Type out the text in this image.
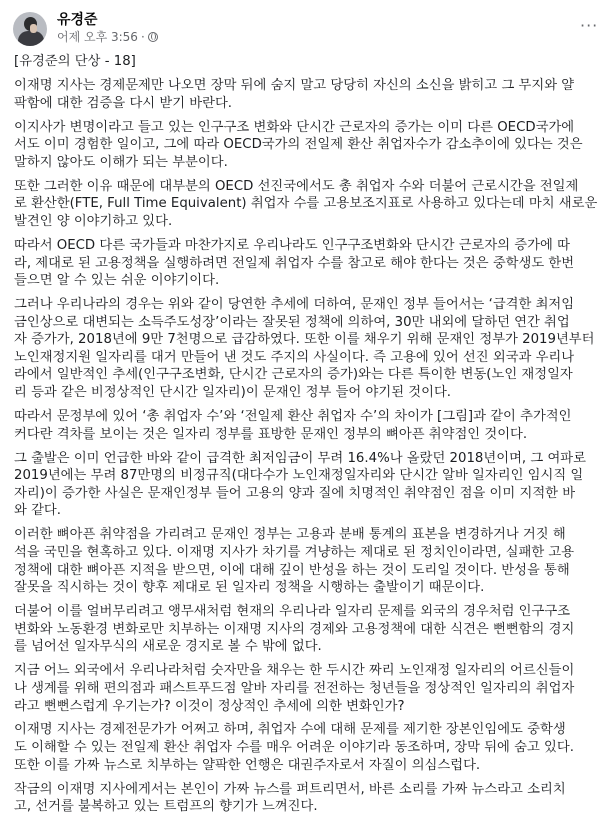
유경준
어제 오후 3:56 ·
···
[유경준의 단상 - 18]
이재명 지사는 경제문제만 나오면 장막 뒤에 숨지 말고 당당히 자신의 소신을 밝히고 그 무지와 얄
팍함에 대한 검증을 다시 받기 바란다.
이지사가 변명이라고 들고 있는 인구구조 변화와 단시간 근로자의 증가는 이미 다른 OECD국가에
서도 이미 경험한 일이고, 그에 따라 OECD국가의 전일제 환산 취업자수가 감소추이에 있다는 것은
말하지 않아도 이해가 되는 부분이다.
또한 그러한 이유 때문에 대부분의 OECD 선진국에서도 총 취업자 수와 더불어 근로시간을 전일제
로 환산한(FTE, Full Time Equivalent) 취업자 수를 고용보조지표로 사용하고 있다는데 마치 새로운
발견인 양 이야기하고 있다.
따라서 OECD 다른 국가들과 마찬가지로 우리나라도 인구구조변화와 단시간 근로자의 증가에 따
라, 제대로 된 고용정책을 실행하려면 전일제 취업자 수를 참고로 해야 한다는 것은 중학생도 한번
들으면 알 수 있는 쉬운 이야기이다.
그러나 우리나라의 경우는 위와 같이 당연한 추세에 더하여, 문재인 정부 들어서는 ‘급격한 최저임
금인상으로 대변되는 소득주도성장’이라는 잘못된 정책에 의하여, 30만 내외에 달하던 연간 취업
자 증가가, 2018년에 9만 7천명으로 급감하였다. 또한 이를 채우기 위해 문재인 정부가 2019년부터
노인재정지원 일자리를 대거 만들어 낸 것도 주지의 사실이다. 즉 고용에 있어 선진 외국과 우리나
라에서 일반적인 추세(인구구조변화, 단시간 근로자의 증가)와는 다른 특이한 변동(노인 재정일자
리 등과 같은 비정상적인 단시간 일자리)이 문재인 정부 들어 야기된 것이다.
따라서 문정부에 있어 ‘총 취업자 수’와 ‘전일제 환산 취업자 수’의 차이가 [그림]과 같이 추가적인
커다란 격차를 보이는 것은 일자리 정부를 표방한 문재인 정부의 뼈아픈 취약점인 것이다.
그 출발은 이미 언급한 바와 같이 급격한 최저임금이 무려 16.4%나 올랐던 2018년이며, 그 여파로
2019년에는 무려 87만명의 비정규직(대다수가 노인재정일자리와 단시간 알바 일자리인 임시직 일
자리)이 증가한 사실은 문재인정부 들어 고용의 양과 질에 치명적인 취약점인 점을 이미 지적한 바
와 같다.
이러한 뼈아픈 취약점을 가리려고 문재인 정부는 고용과 분배 통계의 표본을 변경하거나 거짓 해
석을 국민을 현혹하고 있다. 이재명 지사가 차기를 겨냥하는 제대로 된 정치인이라면, 실패한 고용
정책에 대한 뼈아픈 지적을 받으면, 이에 대해 깊이 반성을 하는 것이 도리일 것이다. 반성을 통해
잘못을 직시하는 것이 향후 제대로 된 일자리 정책을 시행하는 출발이기 때문이다.
더불어 이를 얼버무리려고 앵무새처럼 현재의 우리나라 일자리 문제를 외국의 경우처럼 인구구조
변화와 노동환경 변화로만 치부하는 이재명 지사의 경제와 고용정책에 대한 식견은 뻔뻔함의 경지
를 넘어선 일자무식의 새로운 경지로 볼 수 밖에 없다.
지금 어느 외국에서 우리나라처럼 숫자만을 채우는 한 두시간 짜리 노인재정 일자리의 어르신들이
나 생계를 위해 편의점과 패스트푸드점 알바 자리를 전전하는 청년들을 정상적인 일자리의 취업자
라고 뻔뻔스럽게 우기는가? 이것이 정상적인 추세에 의한 변화인가?
이재명 지사는 경제전문가가 어쩌고 하며, 취업자 수에 대해 문제를 제기한 장본인임에도 중학생
도 이해할 수 있는 전일제 환산 취업자 수를 매우 어려운 이야기라 동조하며, 장막 뒤에 숨고 있다.
또한 이를 가짜 뉴스로 치부하는 얄팍한 언행은 대권주자로서 자질이 의심스럽다.
작금의 이재명 지사에게서는 본인이 가짜 뉴스를 퍼트리면서, 바른 소리를 가짜 뉴스라고 소리치
고, 선거를 불복하고 있는 트럼프의 향기가 느껴진다.
